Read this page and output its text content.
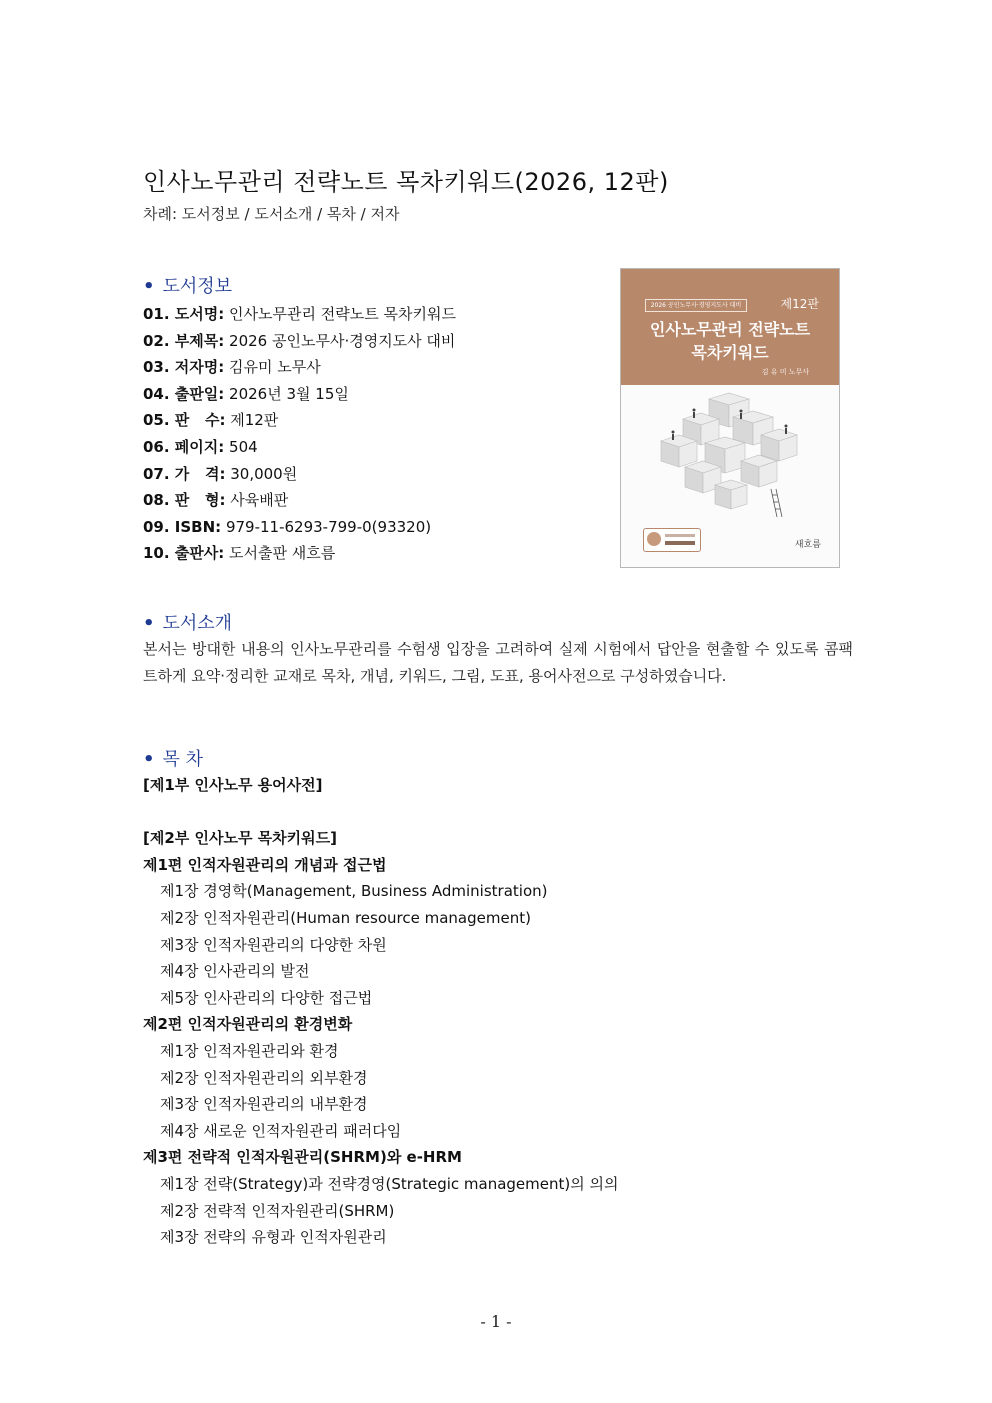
인사노무관리 전략노트 목차키워드(2026, 12판)
차례: 도서정보 / 도서소개 / 목차 / 저자
• 도서정보
01. 도서명: 인사노무관리 전략노트 목차키워드
02. 부제목: 2026 공인노무사·경영지도사 대비
03. 저자명: 김유미 노무사
04. 출판일: 2026년 3월 15일
05. 판   수: 제12판
06. 페이지: 504
07. 가   격: 30,000원
08. 판   형: 사육배판
09. ISBN: 979-11-6293-799-0(93320)
10. 출판사: 도서출판 새흐름
2026 공인노무사·경영지도사 대비	제12판
인사노무관리 전략노트
목차키워드
김 유 미 노무사
새흐름
• 도서소개
본서는 방대한 내용의 인사노무관리를 수험생 입장을 고려하여 실제 시험에서 답안을 현출할 수 있도록 콤팩트하게 요약·정리한 교재로 목차, 개념, 키워드, 그림, 도표, 용어사전으로 구성하였습니다.
• 목 차
[제1부 인사노무 용어사전]
[제2부 인사노무 목차키워드]
제1편 인적자원관리의 개념과 접근법
제1장 경영학(Management, Business Administration)
제2장 인적자원관리(Human resource management)
제3장 인적자원관리의 다양한 차원
제4장 인사관리의 발전
제5장 인사관리의 다양한 접근법
제2편 인적자원관리의 환경변화
제1장 인적자원관리와 환경
제2장 인적자원관리의 외부환경
제3장 인적자원관리의 내부환경
제4장 새로운 인적자원관리 패러다임
제3편 전략적 인적자원관리(SHRM)와 e-HRM
제1장 전략(Strategy)과 전략경영(Strategic management)의 의의
제2장 전략적 인적자원관리(SHRM)
제3장 전략의 유형과 인적자원관리
- 1 -
